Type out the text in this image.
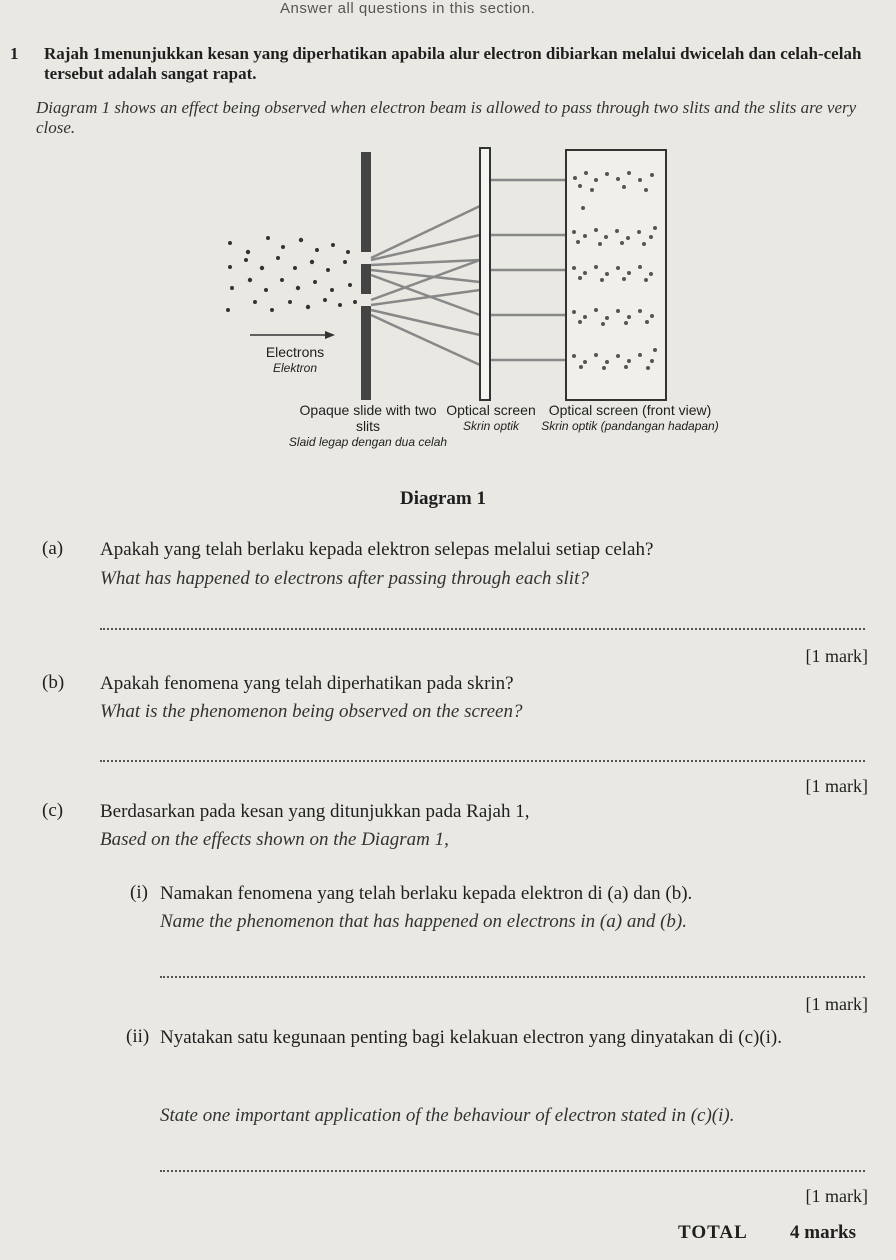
Answer all questions in this section.
1 Rajah 1menunjukkan kesan yang diperhatikan apabila alur electron dibiarkan melalui dwicelah dan celah-celah tersebut adalah sangat rapat.
Diagram 1 shows an effect being observed when electron beam is allowed to pass through two slits and the slits are very close.
Electrons
Elektron
Opaque slide with two slits
Slaid legap dengan dua celah
Optical screen
Skrin optik
Optical screen (front view)
Skrin optik (pandangan hadapan)
Diagram 1
(a) Apakah yang telah berlaku kepada elektron selepas melalui setiap celah?
What has happened to electrons after passing through each slit?
[1 mark]
(b) Apakah fenomena yang telah diperhatikan pada skrin?
What is the phenomenon being observed on the screen?
[1 mark]
(c) Berdasarkan pada kesan yang ditunjukkan pada Rajah 1,
Based on the effects shown on the Diagram 1,
(i) Namakan fenomena yang telah berlaku kepada elektron di (a) dan (b).
Name the phenomenon that has happened on electrons in (a) and (b).
[1 mark]
(ii) Nyatakan satu kegunaan penting bagi kelakuan electron yang dinyatakan di (c)(i).
State one important application of the behaviour of electron stated in (c)(i).
[1 mark]
TOTAL 4 marks
